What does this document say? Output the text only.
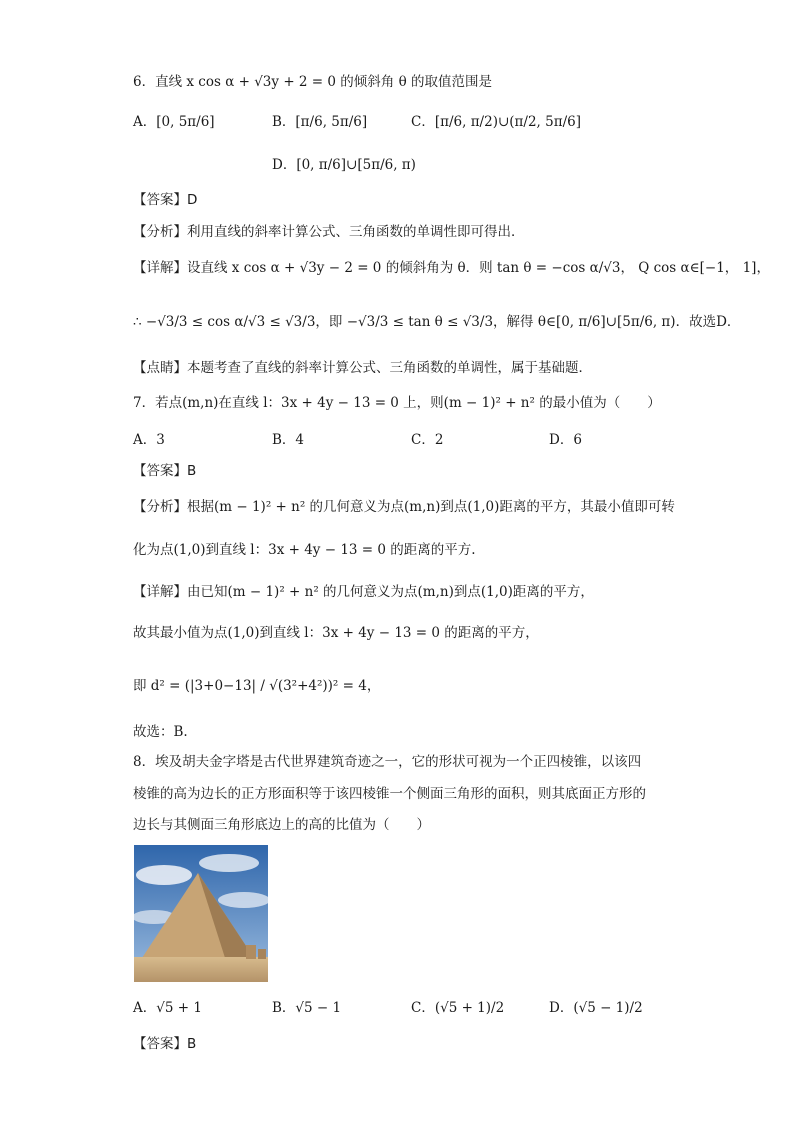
6．直线 x cos α + √3y + 2 = 0 的倾斜角 θ 的取值范围是
A．[0, 5π/6]	B．[π/6, 5π/6]	C．[π/6, π/2)∪(π/2, 5π/6]
D．[0, π/6]∪[5π/6, π)
【答案】D
【分析】利用直线的斜率计算公式、三角函数的单调性即可得出．
【详解】设直线 x cos α + √3y − 2 = 0 的倾斜角为 θ．则 tan θ = −cos α/√3， Q cos α∈[−1， 1]，
∴ −√3/3 ≤ cos α/√3 ≤ √3/3，即 −√3/3 ≤ tan θ ≤ √3/3，解得 θ∈[0, π/6]∪[5π/6, π)．故选D．
【点睛】本题考查了直线的斜率计算公式、三角函数的单调性，属于基础题．
7．若点(m,n)在直线 l：3x + 4y − 13 = 0 上，则(m − 1)² + n² 的最小值为（　　）
A．3	B．4	C．2	D．6
【答案】B
【分析】根据(m − 1)² + n² 的几何意义为点(m,n)到点(1,0)距离的平方，其最小值即可转
化为点(1,0)到直线 l：3x + 4y − 13 = 0 的距离的平方.
【详解】由已知(m − 1)² + n² 的几何意义为点(m,n)到点(1,0)距离的平方，
故其最小值为点(1,0)到直线 l：3x + 4y − 13 = 0 的距离的平方，
即 d² = (|3+0−13| / √(3²+4²))² = 4，
故选：B.
8．埃及胡夫金字塔是古代世界建筑奇迹之一，它的形状可视为一个正四棱锥，以该四
棱锥的高为边长的正方形面积等于该四棱锥一个侧面三角形的面积，则其底面正方形的
边长与其侧面三角形底边上的高的比值为（　　）
A．√5 + 1	B．√5 − 1	C．(√5 + 1)/2	D．(√5 − 1)/2
【答案】B
